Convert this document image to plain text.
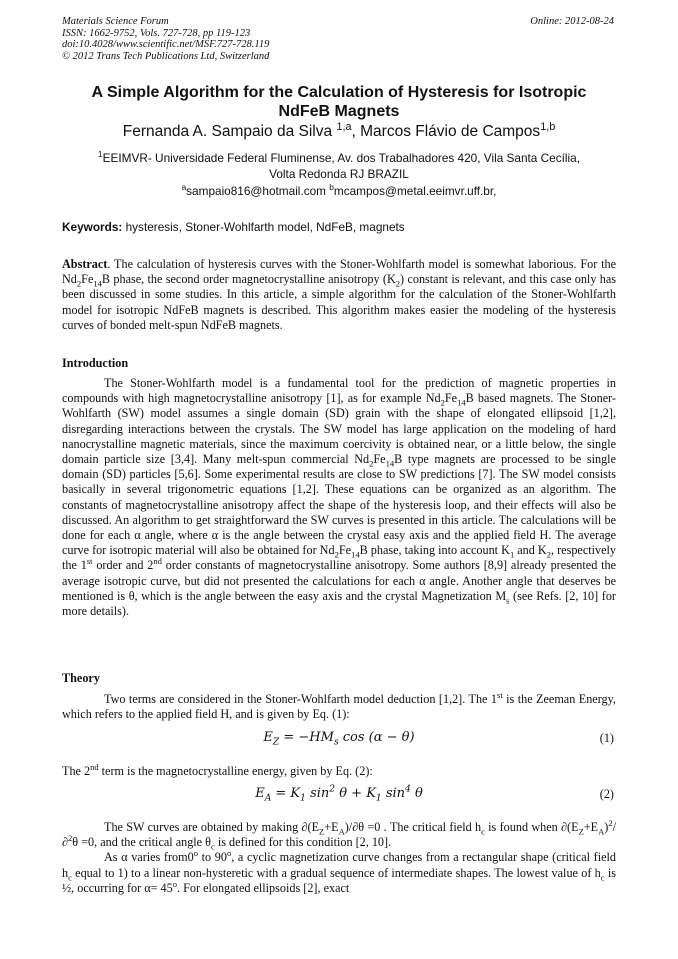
Materials Science Forum
ISSN: 1662-9752, Vols. 727-728, pp 119-123
doi:10.4028/www.scientific.net/MSF.727-728.119
© 2012 Trans Tech Publications Ltd, Switzerland
Online: 2012-08-24
A Simple Algorithm for the Calculation of Hysteresis for Isotropic
NdFeB Magnets
Fernanda A. Sampaio da Silva $^{1,a}$, Marcos Flávio de Campos$^{1,b}$
$^1$EEIMVR- Universidade Federal Fluminense, Av. dos Trabalhadores 420, Vila Santa Cecília,
Volta Redonda RJ BRAZIL
$^a$sampaio816@hotmail.com $^b$mcampos@metal.eeimvr.uff.br,
Keywords: hysteresis, Stoner-Wohlfarth model, NdFeB, magnets

Abstract. The calculation of hysteresis curves with the Stoner-Wohlfarth model is somewhat laborious. For the $Nd_2Fe_{14}B$ phase, the second order magnetocrystalline anisotropy $(K_2)$ constant is relevant, and this case only has been discussed in some studies. In this article, a simple algorithm for the calculation of the Stoner-Wohlfarth model for isotropic NdFeB magnets is described. This algorithm makes easier the modeling of the hysteresis curves of bonded melt-spun NdFeB magnets.

Introduction

The Stoner-Wohlfarth model is a fundamental tool for the prediction of magnetic properties in compounds with high magnetocrystalline anisotropy [1], as for example $Nd_2Fe_{14}B$ based magnets. The Stoner-Wohlfarth (SW) model assumes a single domain (SD) grain with the shape of elongated ellipsoid [1,2], disregarding interactions between the crystals. The SW model has large application on the modeling of hard nanocrystalline magnetic materials, since the maximum coercivity is obtained near, or a little below, the single domain particle size [3,4]. Many melt-spun commercial $Nd_2Fe_{14}B$ type magnets are processed to be single domain (SD) particles [5,6]. Some experimental results are close to SW predictions [7]. The SW model consists basically in several trigonometric equations [1,2]. These equations can be organized as an algorithm. The constants of magnetocrystalline anisotropy affect the shape of the hysteresis loop, and their effects will also be discussed. An algorithm to get straightforward the SW curves is presented in this article. The calculations will be done for each α angle, where α is the angle between the crystal easy axis and the applied field H. The average curve for isotropic material will also be obtained for $Nd_2Fe_{14}B$ phase, taking into account $K_1$ and $K_2$, respectively the 1st order and 2nd order constants of magnetocrystalline anisotropy. Some authors [8,9] already presented the average isotropic curve, but did not presented the calculations for each α angle. Another angle that deserves be mentioned is θ, which is the angle between the easy axis and the crystal Magnetization $M_s$ (see Refs. [2, 10] for more details).

Theory

Two terms are considered in the Stoner-Wohlfarth model deduction [1,2]. The 1st is the Zeeman Energy, which refers to the applied field H, and is given by Eq. (1):

$E_Z = -HM_s$ cos (α − θ)	(1)

The 2nd term is the magnetocrystalline energy, given by Eq. (2):

$E_A = K_1$ $\sin^2 \theta + K_1$ $\sin^4 \theta$	(2)

The SW curves are obtained by making $\partial(E_Z+E_A)/\partial\theta =0$ . The critical field $h_c$ is found when $\partial(E_Z+E_A)^2/\partial^2\theta =0$, and the critical angle $\theta_c$ is defined for this condition [2, 10].

As α varies from0$^o$ to 90$^o$, a cyclic magnetization curve changes from a rectangular shape (critical field $h_c$ equal to 1) to a linear non-hysteretic with a gradual sequence of intermediate shapes. The lowest value of $h_c$ is ½, occurring for $\alpha= 45^o$. For elongated ellipsoids [2], exact
